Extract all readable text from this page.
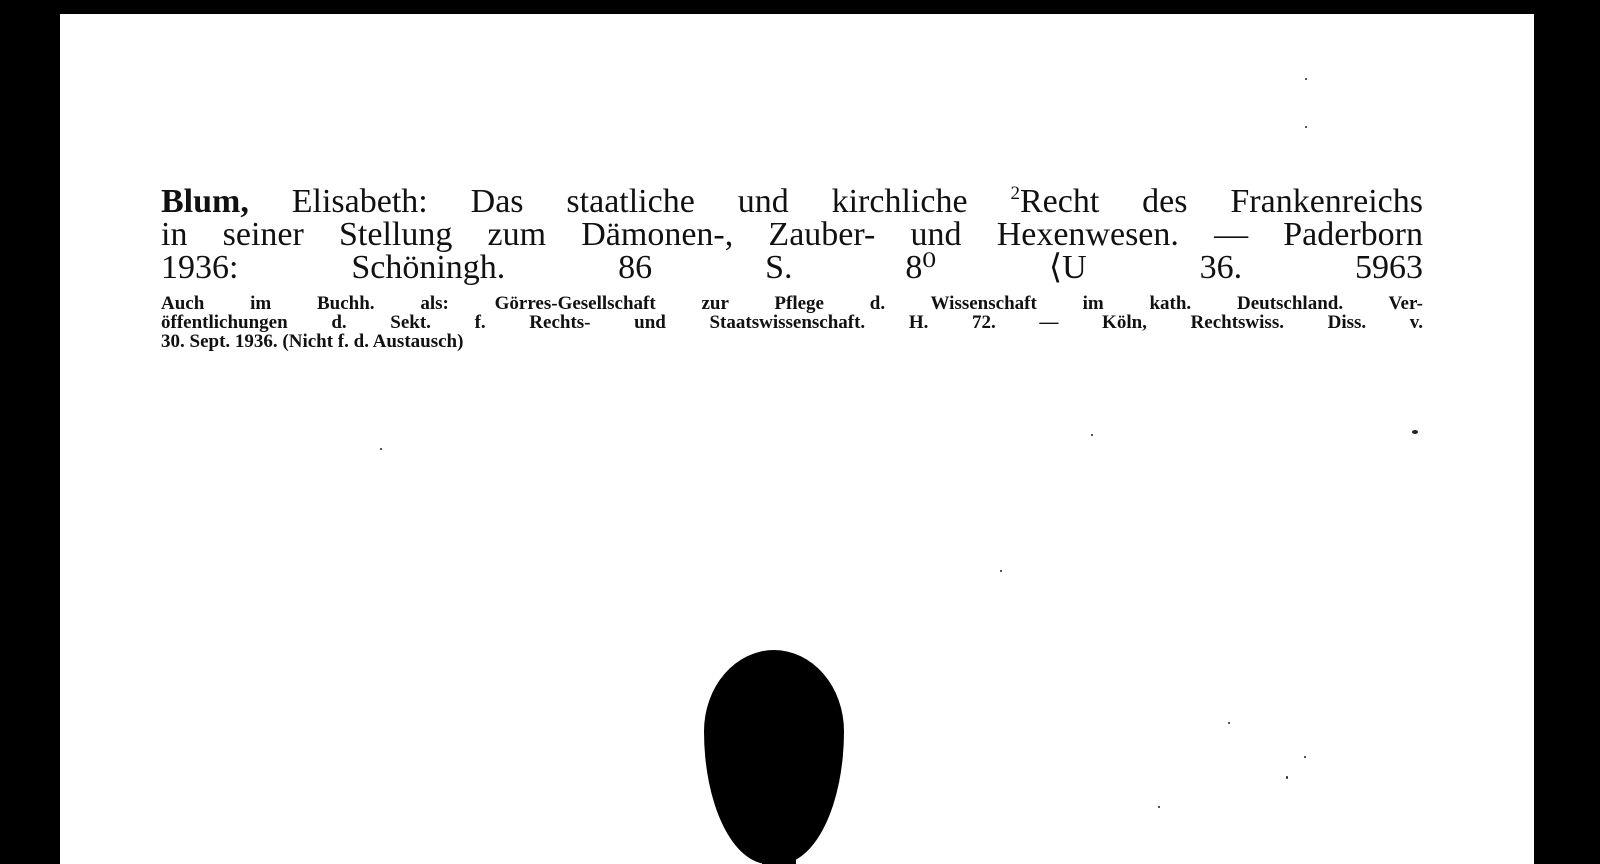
Blum, Elisabeth: Das staatliche und kirchliche $^2$Recht des Frankenreichs
in seiner Stellung zum Dämonen-, Zauber- und Hexenwesen. — Paderborn
1936: Schöningh. 86 S. 8⁰	⟨U 36. 5963
Auch im Buchh. als: Görres-Gesellschaft zur Pflege d. Wissenschaft im kath. Deutschland. Ver-
öffentlichungen d. Sekt. f. Rechts- und Staatswissenschaft. H. 72. — Köln, Rechtswiss. Diss. v.
30. Sept. 1936. (Nicht f. d. Austausch)
